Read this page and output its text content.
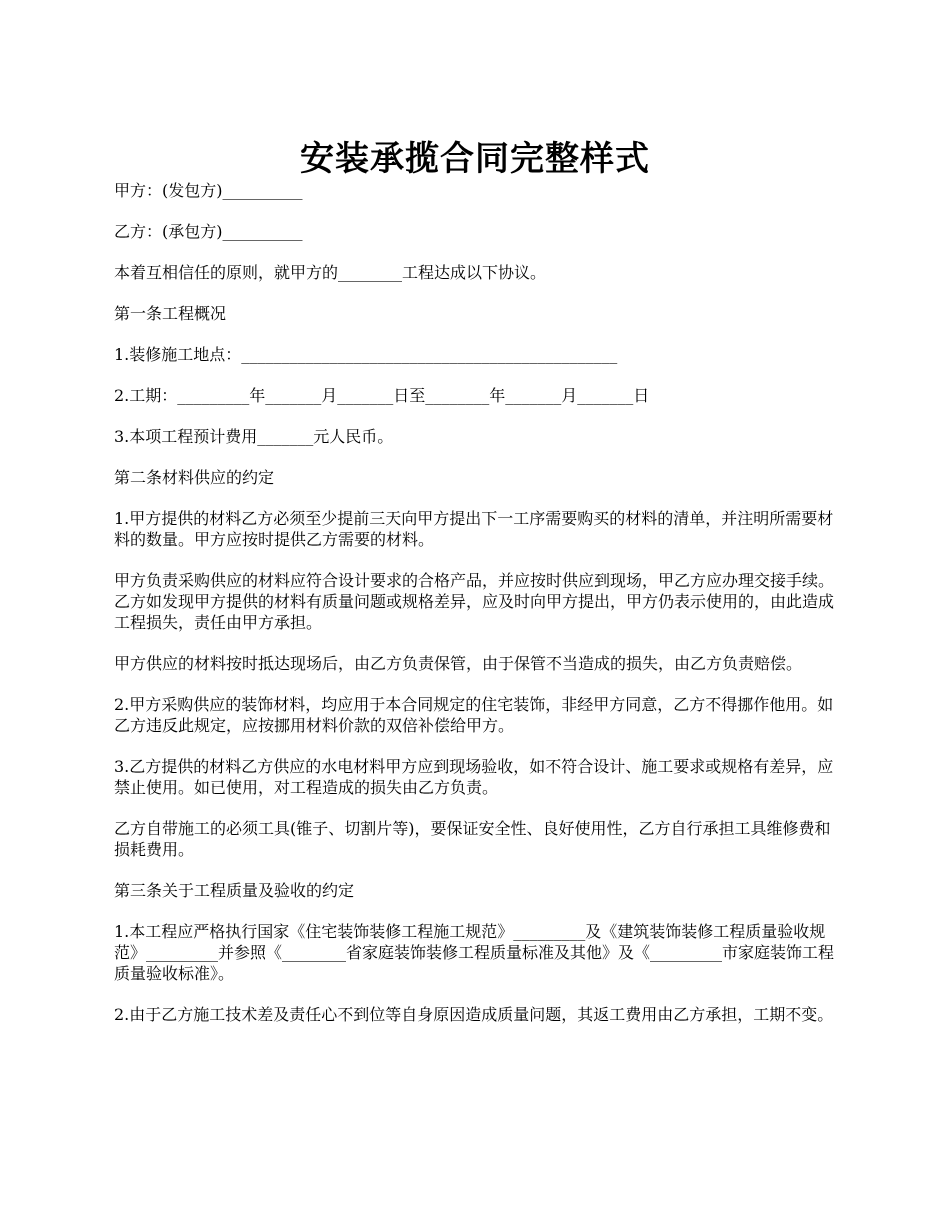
安装承揽合同完整样式

甲方：(发包方)__________

乙方：(承包方)__________

本着互相信任的原则，就甲方的________工程达成以下协议。

第一条工程概况

1.装修施工地点：_______________________________________________

2.工期：_________年_______月_______日至________年_______月_______日

3.本项工程预计费用_______元人民币。

第二条材料供应的约定

1.甲方提供的材料乙方必须至少提前三天向甲方提出下一工序需要购买的材料的清单，并注明所需要材料的数量。甲方应按时提供乙方需要的材料。

甲方负责采购供应的材料应符合设计要求的合格产品，并应按时供应到现场，甲乙方应办理交接手续。乙方如发现甲方提供的材料有质量问题或规格差异，应及时向甲方提出，甲方仍表示使用的，由此造成工程损失，责任由甲方承担。

甲方供应的材料按时抵达现场后，由乙方负责保管，由于保管不当造成的损失，由乙方负责赔偿。

2.甲方采购供应的装饰材料，均应用于本合同规定的住宅装饰，非经甲方同意，乙方不得挪作他用。如乙方违反此规定，应按挪用材料价款的双倍补偿给甲方。

3.乙方提供的材料乙方供应的水电材料甲方应到现场验收，如不符合设计、施工要求或规格有差异，应禁止使用。如已使用，对工程造成的损失由乙方负责。

乙方自带施工的必须工具(锥子、切割片等)，要保证安全性、良好使用性，乙方自行承担工具维修费和损耗费用。

第三条关于工程质量及验收的约定

1.本工程应严格执行国家《住宅装饰装修工程施工规范》_________及《建筑装饰装修工程质量验收规范》_________并参照《________省家庭装饰装修工程质量标准及其他》及《_________市家庭装饰工程质量验收标准》。

2.由于乙方施工技术差及责任心不到位等自身原因造成质量问题，其返工费用由乙方承担，工期不变。
